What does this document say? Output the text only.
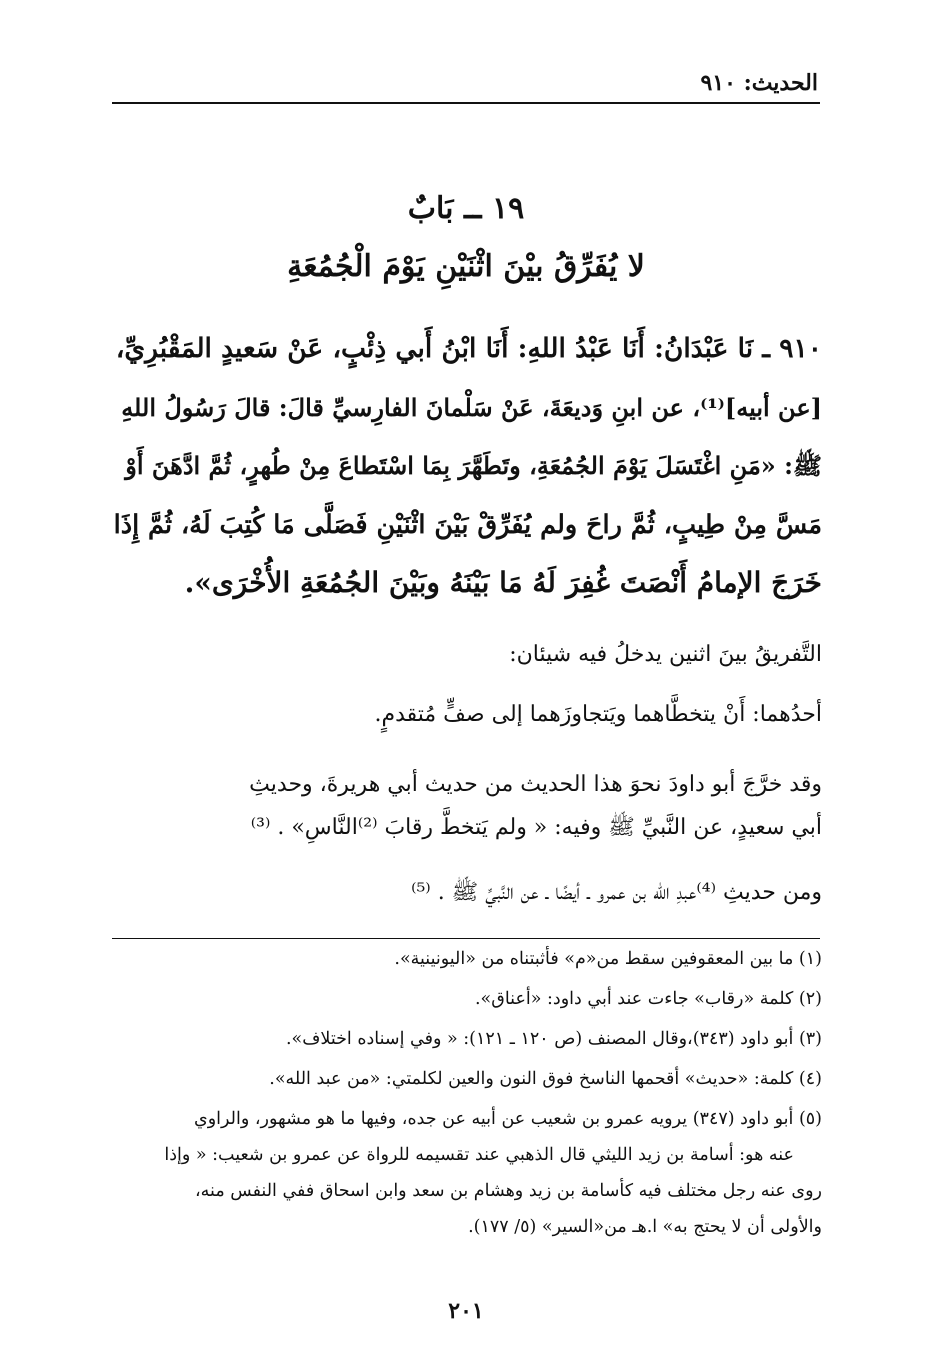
الحديث: ٩١٠
١٩ ــ بَابٌ
لا يُفَرِّقُ بيْنَ اثْنَيْنِ يَوْمَ الْجُمُعَةِ
٩١٠ ـ نَا عَبْدَانُ: أَنَا عَبْدُ اللهِ: أَنَا ابْنُ أَبي ذِئْبٍ، عَنْ سَعيدٍ المَقْبُرِيِّ،
[عن أبيه]⁽¹⁾، عن ابنِ وَديعَةَ، عَنْ سَلْمانَ الفارِسيِّ قالَ: قالَ رَسُولُ اللهِ
ﷺ: «مَنِ اغْتَسَلَ يَوْمَ الجُمُعَةِ، وتَطَهَّرَ بِمَا اسْتَطاعَ مِنْ طُهرٍ، ثُمَّ ادَّهَنَ أَوْ
مَسَّ مِنْ طِيبٍ، ثُمَّ راحَ ولم يُفَرِّقْ بَيْنَ اثْنَيْنِ فَصَلَّى مَا كُتِبَ لَهُ، ثُمَّ إِذَا
خَرَجَ الإمامُ أَنْصَتَ غُفِرَ لَهُ مَا بَيْنَهُ وبَيْنَ الجُمُعَةِ الأُخْرَى».

التَّفريقُ بينَ اثنين يدخلُ فيه شيئان:

أحدُهما: أَنْ يتخطَّاهما ويَتجاوزَهما إلى صفٍّ مُتقدمٍ.

وقد خرَّجَ أبو داودَ نحوَ هذا الحديث من حديث أبي هريرةَ، وحديثِ

أبي سعيدٍ، عن النَّبيِّ ﷺ وفيه: « ولم يَتخطَّ رقابَ ⁽²⁾النَّاسِ» . ⁽³⁾

ومن حديثِ ⁽⁴⁾عبدِ الله بن عمرو ـ أيضًا ـ عن النَّبيِّ ﷺ . ⁽⁵⁾

(١) ما بين المعقوفين سقط من«م» فأثبتناه من «اليونينية».
(٢) كلمة «رقاب» جاءت عند أبي داود: «أعناق».
(٣) أبو داود (٣٤٣)،وقال المصنف (ص ١٢٠ ـ ١٢١): « وفي إسناده اختلاف».
(٤) كلمة: «حديث» أقحمها الناسخ فوق النون والعين لكلمتي: «من عبد الله».
(٥) أبو داود (٣٤٧) يرويه عمرو بن شعيب عن أبيه عن جده، وفيها ما هو مشهور، والراوي
عنه هو: أسامة بن زيد الليثي قال الذهبي عند تقسيمه للرواة عن عمرو بن شعيب: « وإذا
روى عنه رجل مختلف فيه كأسامة بن زيد وهشام بن سعد وابن اسحاق ففي النفس منه،
والأولى أن لا يحتج به» ا.هـ من«السير» (٥/ ١٧٧).
٢٠١
